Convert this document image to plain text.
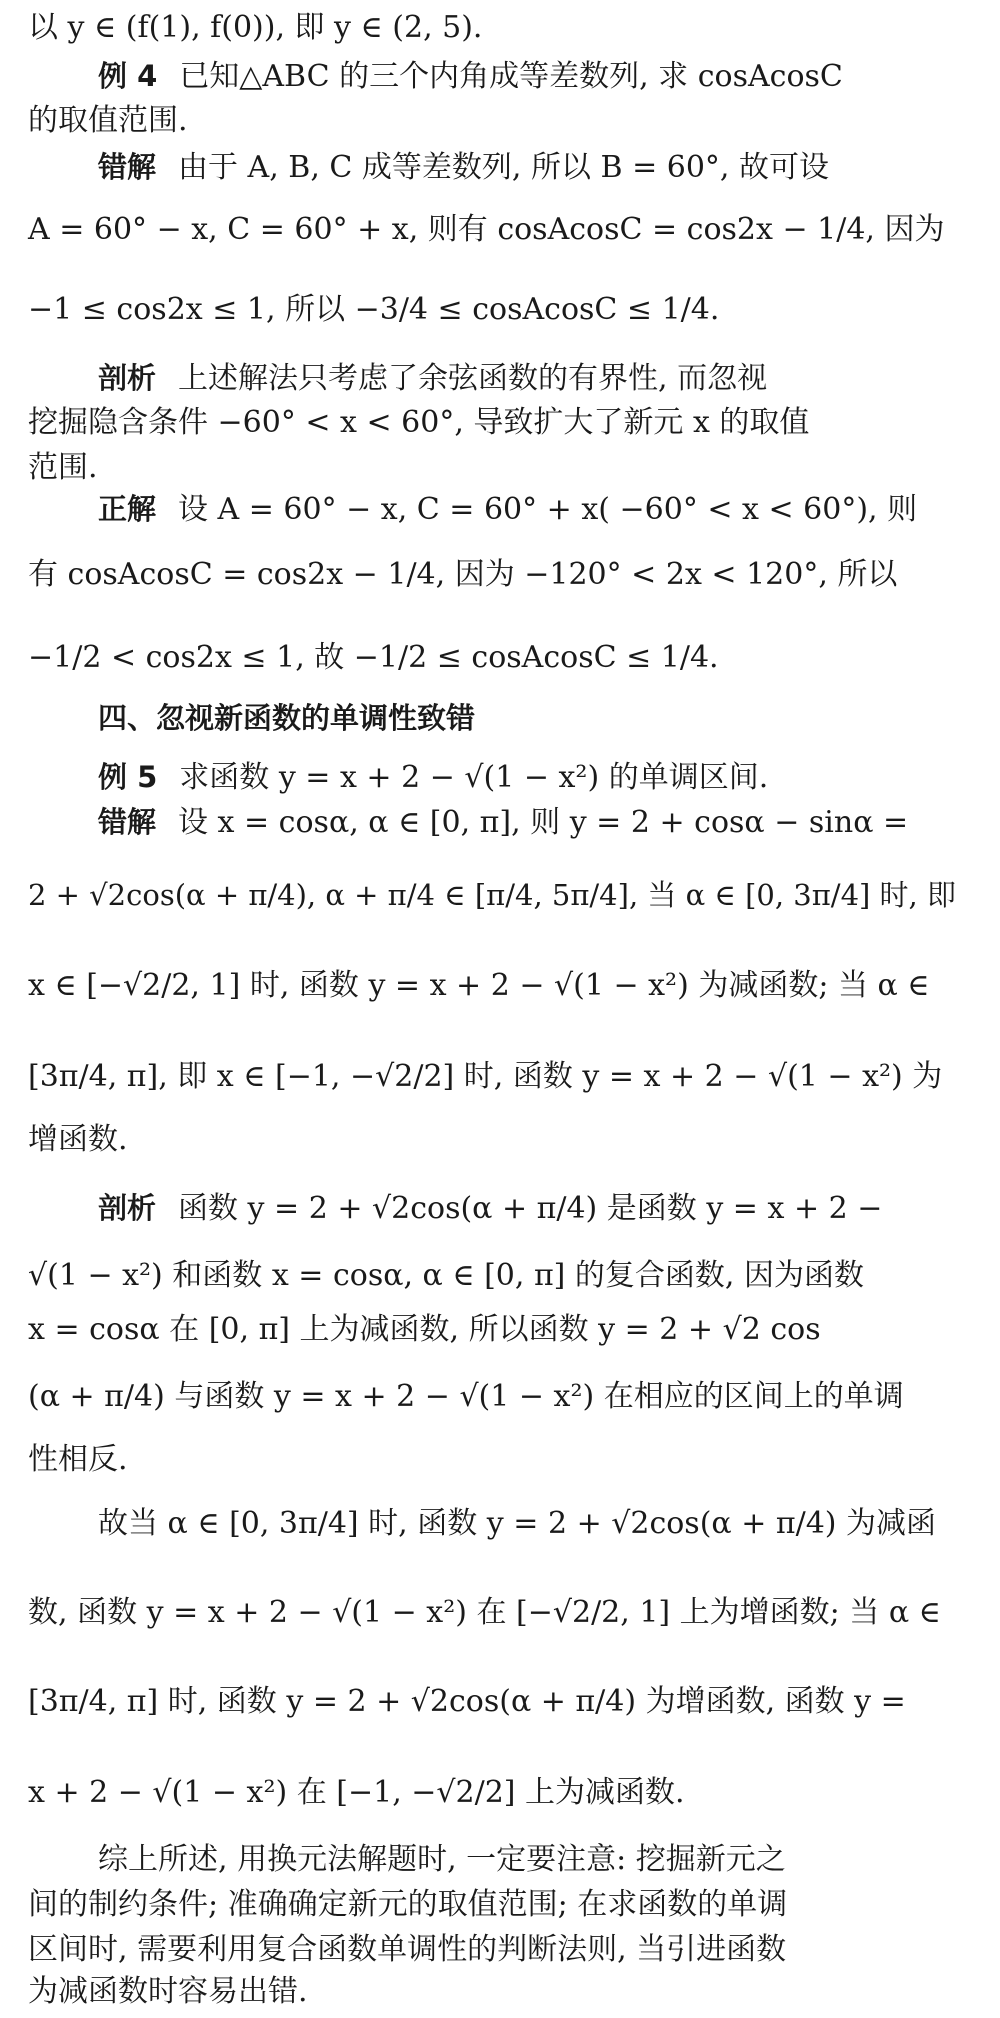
以 y ∈ (f(1), f(0)), 即 y ∈ (2, 5).
例 4 已知△ABC 的三个内角成等差数列, 求 cosAcosC
的取值范围.
错解 由于 A, B, C 成等差数列, 所以 B = 60°, 故可设
A = 60° − x, C = 60° + x, 则有 cosAcosC = cos2x − 1/4, 因为
−1 ≤ cos2x ≤ 1, 所以 −3/4 ≤ cosAcosC ≤ 1/4.
剖析 上述解法只考虑了余弦函数的有界性, 而忽视
挖掘隐含条件 −60° < x < 60°, 导致扩大了新元 x 的取值
范围.
正解 设 A = 60° − x, C = 60° + x( −60° < x < 60°), 则
有 cosAcosC = cos2x − 1/4, 因为 −120° < 2x < 120°, 所以
−1/2 < cos2x ≤ 1, 故 −1/2 ≤ cosAcosC ≤ 1/4.
四、忽视新函数的单调性致错
例 5 求函数 y = x + 2 − √(1 − x²) 的单调区间.
错解 设 x = cosα, α ∈ [0, π], 则 y = 2 + cosα − sinα =
2 + √2cos(α + π/4), α + π/4 ∈ [π/4, 5π/4], 当 α ∈ [0, 3π/4] 时, 即
x ∈ [−√2/2, 1] 时, 函数 y = x + 2 − √(1 − x²) 为减函数; 当 α ∈
[3π/4, π], 即 x ∈ [−1, −√2/2] 时, 函数 y = x + 2 − √(1 − x²) 为
增函数.
剖析 函数 y = 2 + √2cos(α + π/4) 是函数 y = x + 2 −
√(1 − x²) 和函数 x = cosα, α ∈ [0, π] 的复合函数, 因为函数
x = cosα 在 [0, π] 上为减函数, 所以函数 y = 2 + √2 cos
(α + π/4) 与函数 y = x + 2 − √(1 − x²) 在相应的区间上的单调
性相反.
故当 α ∈ [0, 3π/4] 时, 函数 y = 2 + √2cos(α + π/4) 为减函
数, 函数 y = x + 2 − √(1 − x²) 在 [−√2/2, 1] 上为增函数; 当 α ∈
[3π/4, π] 时, 函数 y = 2 + √2cos(α + π/4) 为增函数, 函数 y =
x + 2 − √(1 − x²) 在 [−1, −√2/2] 上为减函数.
综上所述, 用换元法解题时, 一定要注意: 挖掘新元之
间的制约条件; 准确确定新元的取值范围; 在求函数的单调
区间时, 需要利用复合函数单调性的判断法则, 当引进函数
为减函数时容易出错.
